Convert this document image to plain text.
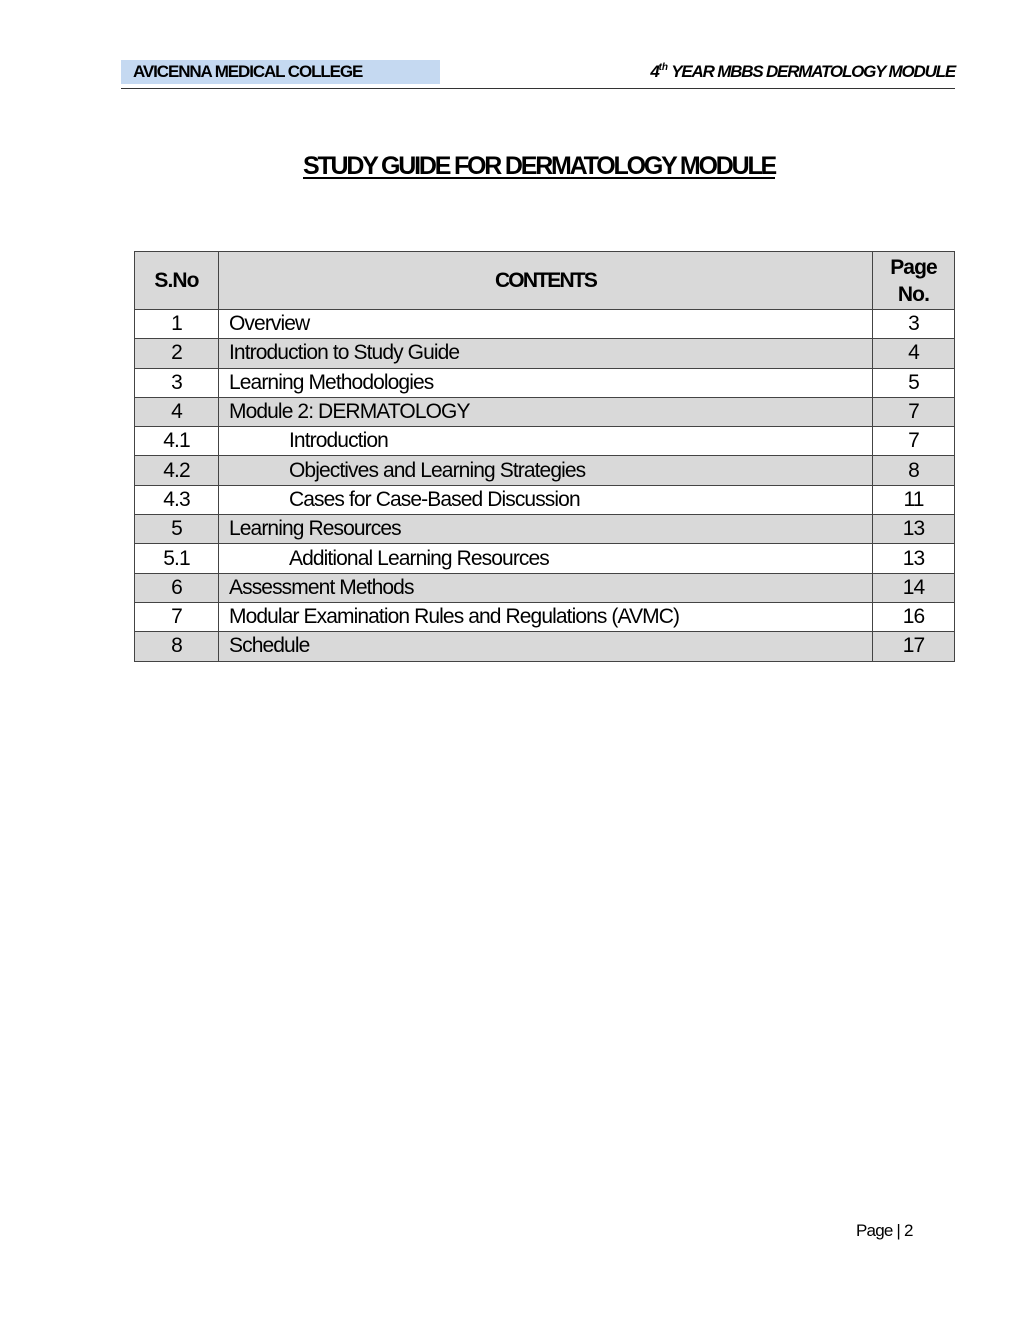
AVICENNA MEDICAL COLLEGE	4th YEAR MBBS DERMATOLOGY MODULE
STUDY GUIDE FOR DERMATOLOGY MODULE
S.No	CONTENTS	Page
No.

1	Overview	3
2	Introduction to Study Guide	4
3	Learning Methodologies	5
4	Module 2: DERMATOLOGY	7
4.1	Introduction	7
4.2	Objectives and Learning Strategies	8
4.3	Cases for Case-Based Discussion	11
5	Learning Resources	13
5.1	Additional Learning Resources	13
6	Assessment Methods	14
7	Modular Examination Rules and Regulations (AVMC)	16
8	Schedule	17
Page | 2
